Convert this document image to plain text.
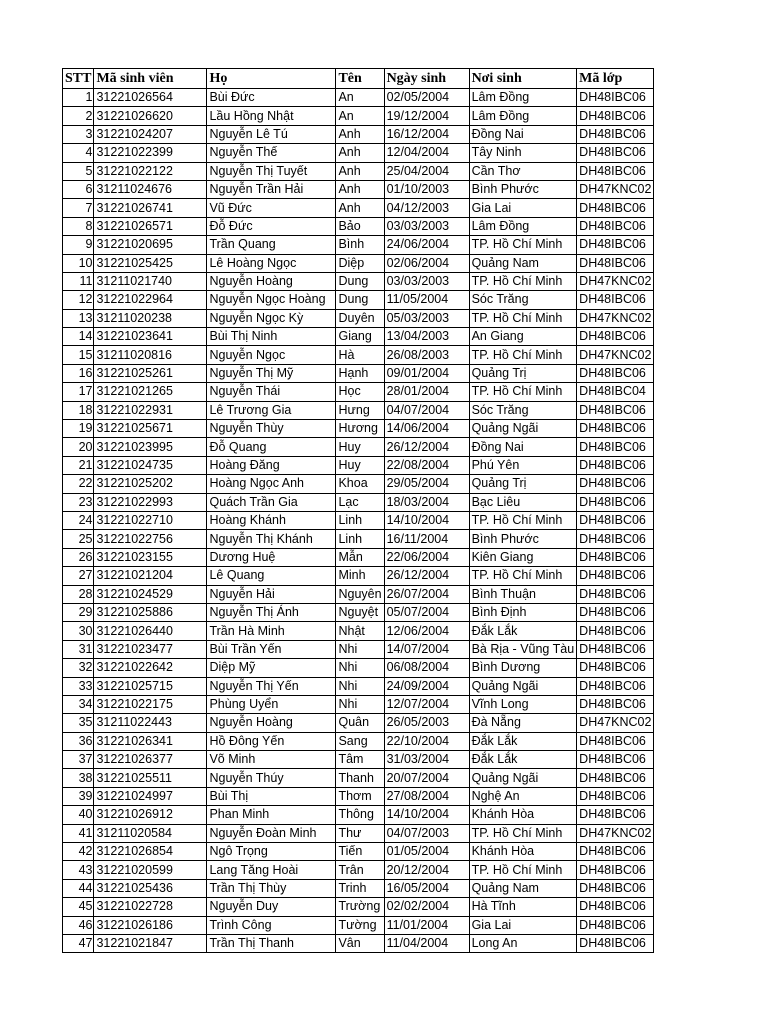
STT	Mã sinh viên	Họ	Tên	Ngày sinh	Nơi sinh	Mã lớp
1	31221026564	Bùi Đức	An	02/05/2004	Lâm Đồng	DH48IBC06
2	31221026620	Lầu Hồng Nhật	An	19/12/2004	Lâm Đồng	DH48IBC06
3	31221024207	Nguyễn Lê Tú	Anh	16/12/2004	Đồng Nai	DH48IBC06
4	31221022399	Nguyễn Thế	Anh	12/04/2004	Tây Ninh	DH48IBC06
5	31221022122	Nguyễn Thị Tuyết	Anh	25/04/2004	Cần Thơ	DH48IBC06
6	31211024676	Nguyễn Trần Hải	Anh	01/10/2003	Bình Phước	DH47KNC02
7	31221026741	Vũ Đức	Anh	04/12/2003	Gia Lai	DH48IBC06
8	31221026571	Đỗ Đức	Bảo	03/03/2003	Lâm Đồng	DH48IBC06
9	31221020695	Trần Quang	Bình	24/06/2004	TP. Hồ Chí Minh	DH48IBC06
10	31221025425	Lê Hoàng Ngọc	Diệp	02/06/2004	Quảng Nam	DH48IBC06
11	31211021740	Nguyễn Hoàng	Dung	03/03/2003	TP. Hồ Chí Minh	DH47KNC02
12	31221022964	Nguyễn Ngọc Hoàng	Dung	11/05/2004	Sóc Trăng	DH48IBC06
13	31211020238	Nguyễn Ngọc Kỳ	Duyên	05/03/2003	TP. Hồ Chí Minh	DH47KNC02
14	31221023641	Bùi Thị Ninh	Giang	13/04/2003	An Giang	DH48IBC06
15	31211020816	Nguyễn Ngọc	Hà	26/08/2003	TP. Hồ Chí Minh	DH47KNC02
16	31221025261	Nguyễn Thị Mỹ	Hạnh	09/01/2004	Quảng Trị	DH48IBC06
17	31221021265	Nguyễn Thái	Học	28/01/2004	TP. Hồ Chí Minh	DH48IBC04
18	31221022931	Lê Trương Gia	Hưng	04/07/2004	Sóc Trăng	DH48IBC06
19	31221025671	Nguyễn Thùy	Hương	14/06/2004	Quảng Ngãi	DH48IBC06
20	31221023995	Đỗ Quang	Huy	26/12/2004	Đồng Nai	DH48IBC06
21	31221024735	Hoàng Đăng	Huy	22/08/2004	Phú Yên	DH48IBC06
22	31221025202	Hoàng Ngọc Anh	Khoa	29/05/2004	Quảng Trị	DH48IBC06
23	31221022993	Quách Trần Gia	Lạc	18/03/2004	Bạc Liêu	DH48IBC06
24	31221022710	Hoàng Khánh	Linh	14/10/2004	TP. Hồ Chí Minh	DH48IBC06
25	31221022756	Nguyễn Thị Khánh	Linh	16/11/2004	Bình Phước	DH48IBC06
26	31221023155	Dương Huệ	Mẫn	22/06/2004	Kiên Giang	DH48IBC06
27	31221021204	Lê Quang	Minh	26/12/2004	TP. Hồ Chí Minh	DH48IBC06
28	31221024529	Nguyễn Hải	Nguyên	26/07/2004	Bình Thuận	DH48IBC06
29	31221025886	Nguyễn Thị Ánh	Nguyệt	05/07/2004	Bình Định	DH48IBC06
30	31221026440	Trần Hà Minh	Nhật	12/06/2004	Đắk Lắk	DH48IBC06
31	31221023477	Bùi Trần Yến	Nhi	14/07/2004	Bà Rịa - Vũng Tàu	DH48IBC06
32	31221022642	Diệp Mỹ	Nhi	06/08/2004	Bình Dương	DH48IBC06
33	31221025715	Nguyễn Thị Yến	Nhi	24/09/2004	Quảng Ngãi	DH48IBC06
34	31221022175	Phùng Uyển	Nhi	12/07/2004	Vĩnh Long	DH48IBC06
35	31211022443	Nguyễn Hoàng	Quân	26/05/2003	Đà Nẵng	DH47KNC02
36	31221026341	Hồ Đông Yến	Sang	22/10/2004	Đắk Lắk	DH48IBC06
37	31221026377	Võ Minh	Tâm	31/03/2004	Đắk Lắk	DH48IBC06
38	31221025511	Nguyễn Thúy	Thanh	20/07/2004	Quảng Ngãi	DH48IBC06
39	31221024997	Bùi Thị	Thơm	27/08/2004	Nghệ An	DH48IBC06
40	31221026912	Phan Minh	Thông	14/10/2004	Khánh Hòa	DH48IBC06
41	31211020584	Nguyễn Đoàn Minh	Thư	04/07/2003	TP. Hồ Chí Minh	DH47KNC02
42	31221026854	Ngô Trọng	Tiến	01/05/2004	Khánh Hòa	DH48IBC06
43	31221020599	Lang Tăng Hoài	Trân	20/12/2004	TP. Hồ Chí Minh	DH48IBC06
44	31221025436	Trần Thị Thùy	Trinh	16/05/2004	Quảng Nam	DH48IBC06
45	31221022728	Nguyễn Duy	Trường	02/02/2004	Hà Tĩnh	DH48IBC06
46	31221026186	Trình Công	Tường	11/01/2004	Gia Lai	DH48IBC06
47	31221021847	Trần Thị Thanh	Vân	11/04/2004	Long An	DH48IBC06
